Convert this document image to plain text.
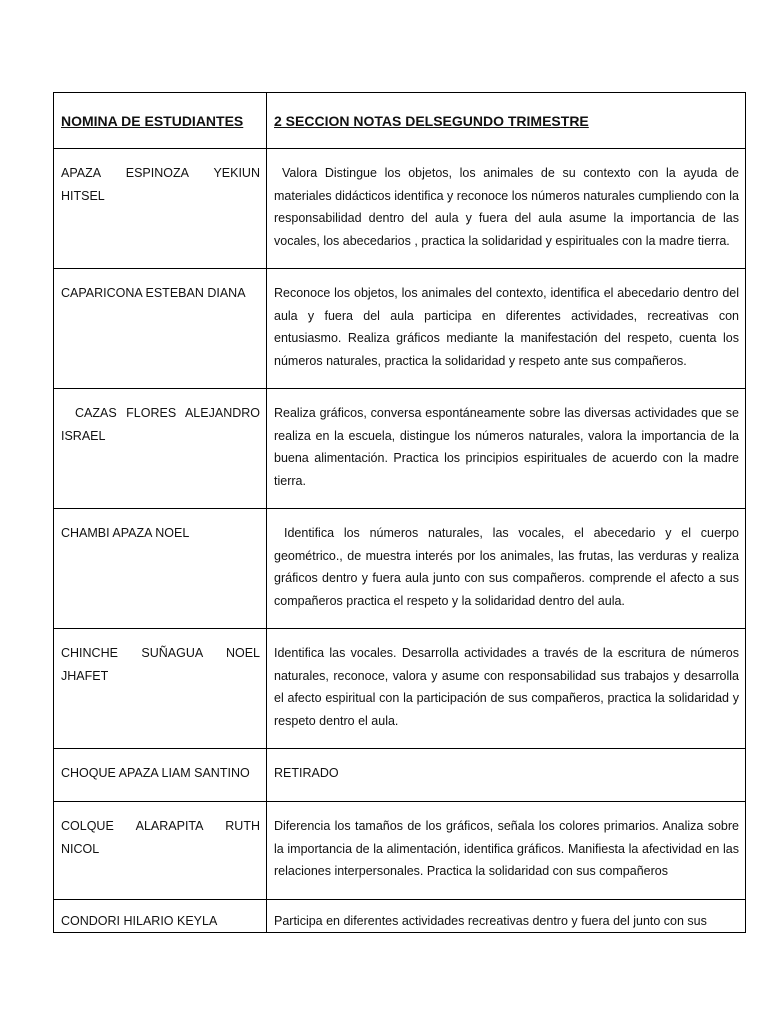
NOMINA DE ESTUDIANTES	2 SECCION NOTAS DELSEGUNDO TRIMESTRE

APAZA ESPINOZA YEKIUN HITSEL	Valora Distingue los objetos, los animales de su contexto con la ayuda de materiales didácticos identifica y reconoce los números naturales cumpliendo con la responsabilidad dentro del aula y fuera del aula asume la importancia de las vocales, los abecedarios , practica la solidaridad y espirituales con la madre tierra.

CAPARICONA ESTEBAN DIANA	Reconoce los objetos, los animales del contexto, identifica el abecedario dentro del aula y fuera del aula participa en diferentes actividades, recreativas con entusiasmo. Realiza gráficos mediante la manifestación del respeto, cuenta los números naturales, practica la solidaridad y respeto ante sus compañeros.

CAZAS FLORES ALEJANDRO ISRAEL	Realiza gráficos, conversa espontáneamente sobre las diversas actividades que se realiza en la escuela, distingue los números naturales, valora la importancia de la buena alimentación. Practica los principios espirituales de acuerdo con la madre tierra.

CHAMBI APAZA NOEL	Identifica los números naturales, las vocales, el abecedario y el cuerpo geométrico., de muestra interés por los animales, las frutas, las verduras y realiza gráficos dentro y fuera aula junto con sus compañeros. comprende el afecto a sus compañeros practica el respeto y la solidaridad dentro del aula.

CHINCHE SUÑAGUA NOEL JHAFET	Identifica las vocales. Desarrolla actividades a través de la escritura de números naturales, reconoce, valora y asume con responsabilidad sus trabajos y desarrolla el afecto espiritual con la participación de sus compañeros, practica la solidaridad y respeto dentro el aula.

CHOQUE APAZA LIAM SANTINO	RETIRADO

COLQUE ALARAPITA RUTH NICOL	Diferencia los tamaños de los gráficos, señala los colores primarios. Analiza sobre la importancia de la alimentación, identifica gráficos. Manifiesta la afectividad en las relaciones interpersonales. Practica la solidaridad con sus compañeros

CONDORI HILARIO KEYLA	Participa en diferentes actividades recreativas dentro y fuera del junto con sus
